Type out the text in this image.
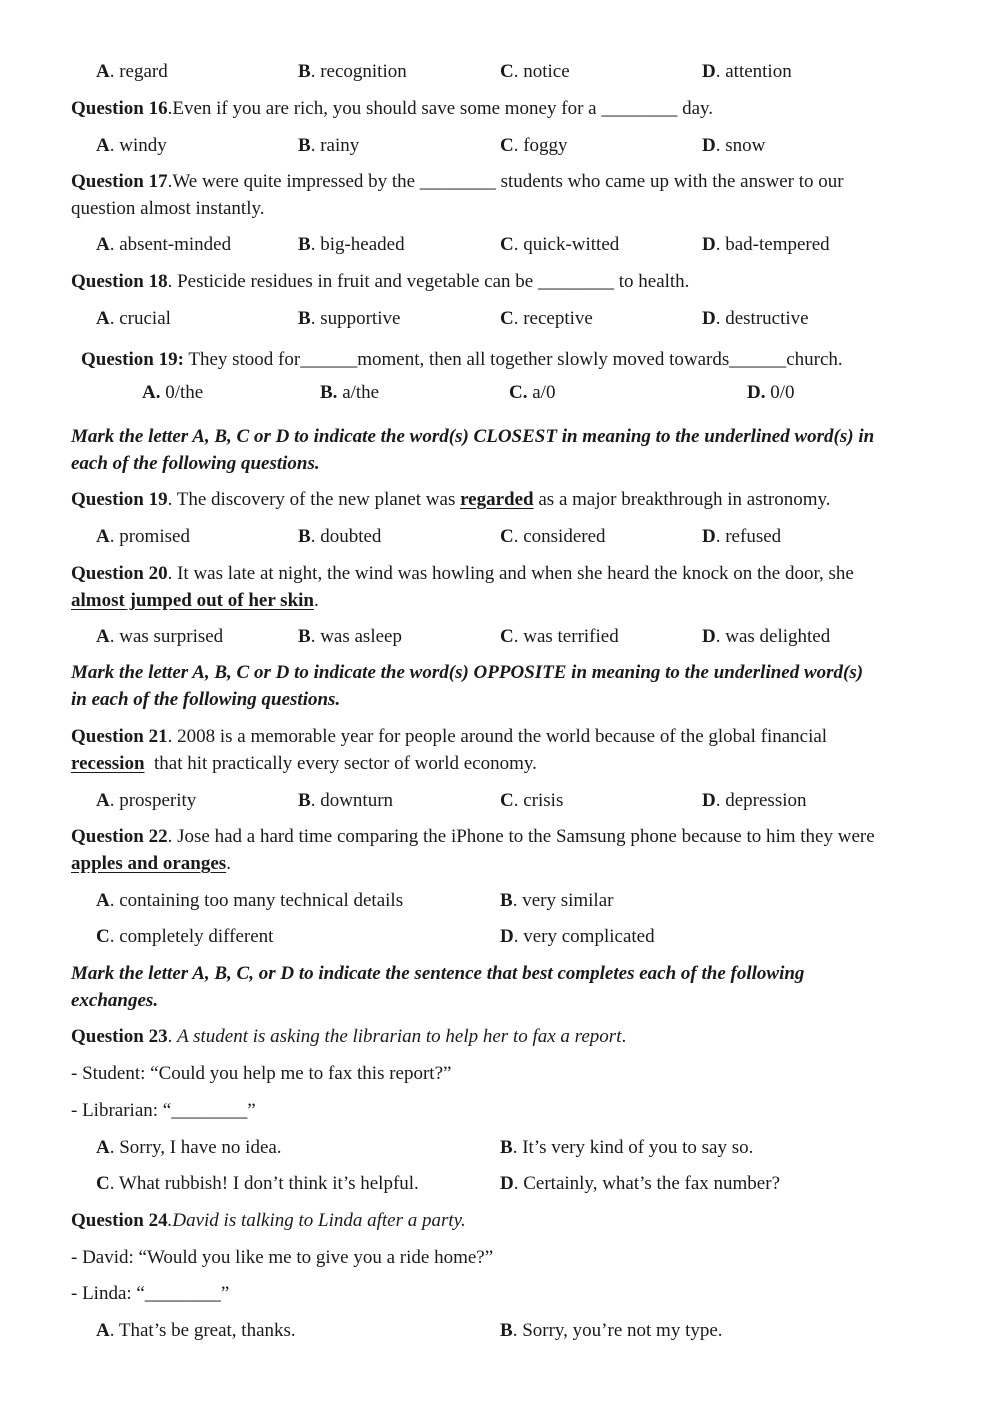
A. regard	B. recognition	C. notice	D. attention
Question 16.Even if you are rich, you should save some money for a ________ day.
A. windy	B. rainy	C. foggy	D. snow
Question 17.We were quite impressed by the ________ students who came up with the answer to our
question almost instantly.
A. absent-minded	B. big-headed	C. quick-witted	D. bad-tempered
Question 18. Pesticide residues in fruit and vegetable can be ________ to health.
A. crucial	B. supportive	C. receptive	D. destructive
Question 19: They stood for______moment, then all together slowly moved towards______church.
A. 0/the	B. a/the	C. a/0	D. 0/0
Mark the letter A, B, C or D to indicate the word(s) CLOSEST in meaning to the underlined word(s) in
each of the following questions.
Question 19. The discovery of the new planet was regarded as a major breakthrough in astronomy.
A. promised	B. doubted	C. considered	D. refused
Question 20. It was late at night, the wind was howling and when she heard the knock on the door, she
almost jumped out of her skin.
A. was surprised	B. was asleep	C. was terrified	D. was delighted
Mark the letter A, B, C or D to indicate the word(s) OPPOSITE in meaning to the underlined word(s)
in each of the following questions.
Question 21. 2008 is a memorable year for people around the world because of the global financial
recession  that hit practically every sector of world economy.
A. prosperity	B. downturn	C. crisis	D. depression
Question 22. Jose had a hard time comparing the iPhone to the Samsung phone because to him they were
apples and oranges.
A. containing too many technical details	B. very similar
C. completely different	D. very complicated
Mark the letter A, B, C, or D to indicate the sentence that best completes each of the following
exchanges.
Question 23. A student is asking the librarian to help her to fax a report.
- Student: “Could you help me to fax this report?”
- Librarian: “________”
A. Sorry, I have no idea.	B. It’s very kind of you to say so.
C. What rubbish! I don’t think it’s helpful.	D. Certainly, what’s the fax number?
Question 24.David is talking to Linda after a party.
- David: “Would you like me to give you a ride home?”
- Linda: “________”
A. That’s be great, thanks.	B. Sorry, you’re not my type.
